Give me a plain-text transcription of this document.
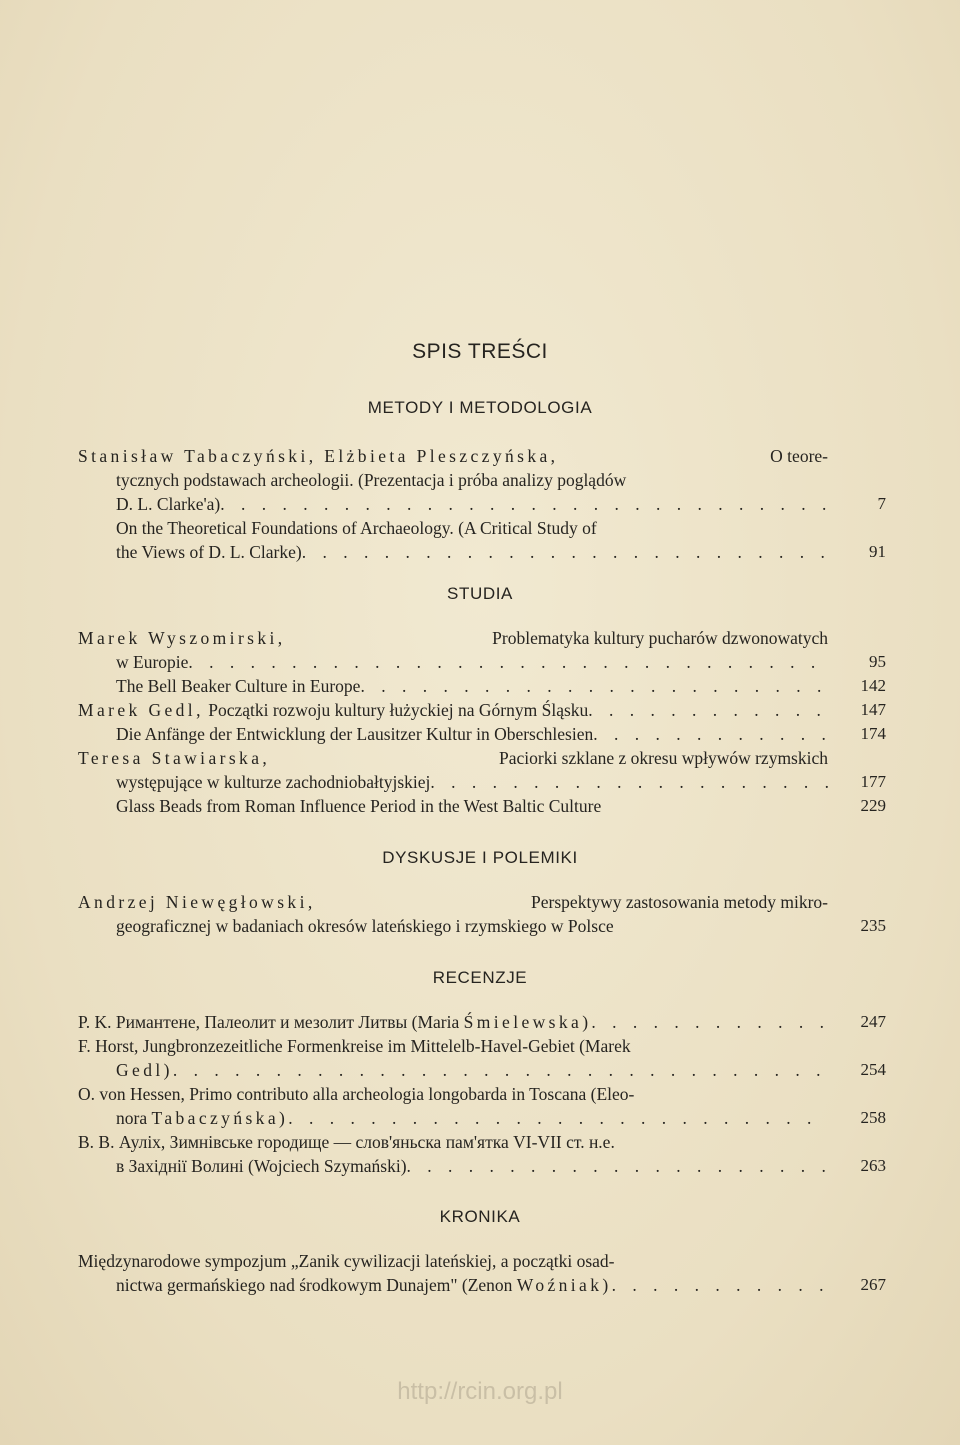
SPIS TREŚCI
METODY I METODOLOGIA
Stanisław Tabaczyński, Elżbieta Pleszczyńska,	O teore-
tycznych podstawach archeologii. (Prezentacja i próba analizy poglądów
D. L. Clarke'a) . . .	7
On the Theoretical Foundations of Archaeology. (A Critical Study of
the Views of D. L. Clarke) . . .	91
STUDIA
Marek Wyszomirski,	Problematyka kultury pucharów dzwonowatych
w Europie . . .	95
The Bell Beaker Culture in Europe . . .	142
Marek Gedl,
Początki rozwoju kultury łużyckiej na Górnym Śląsku . . .	147
Die Anfänge der Entwicklung der Lausitzer Kultur in Oberschlesien . . .	174
Teresa Stawiarska,	Paciorki szklane z okresu wpływów rzymskich
występujące w kulturze zachodniobałtyjskiej . . .	177
Glass Beads from Roman Influence Period in the West Baltic Culture	229
DYSKUSJE I POLEMIKI
Andrzej Niewęgłowski,	Perspektywy zastosowania metody mikro-
geograficznej w badaniach okresów lateńskiego i rzymskiego w Polsce	235
RECENZJE
P. K. Римантене, Палеолит и мезолит Литвы (Maria
Śmielewska) . . .	247
F. Horst, Jungbronzezeitliche Formenkreise im Mittelelb-Havel-Gebiet (Marek
Gedl) . . .	254
O. von Hessen, Primo contributo alla archeologia longobarda in Toscana (Eleo-
nora
Tabaczyńska) . . .	258
В. В. Аулiх, Зимнiвське городище — слов'яньска пам'ятка VI-VII ст. н.е.
в Захiднiї Волинi (Wojciech Szymański) . . .	263
KRONIKA
Międzynarodowe sympozjum „Zanik cywilizacji lateńskiej, a początki osad-
nictwa germańskiego nad środkowym Dunajem" (Zenon
Woźniak) . . .	267
http://rcin.org.pl
